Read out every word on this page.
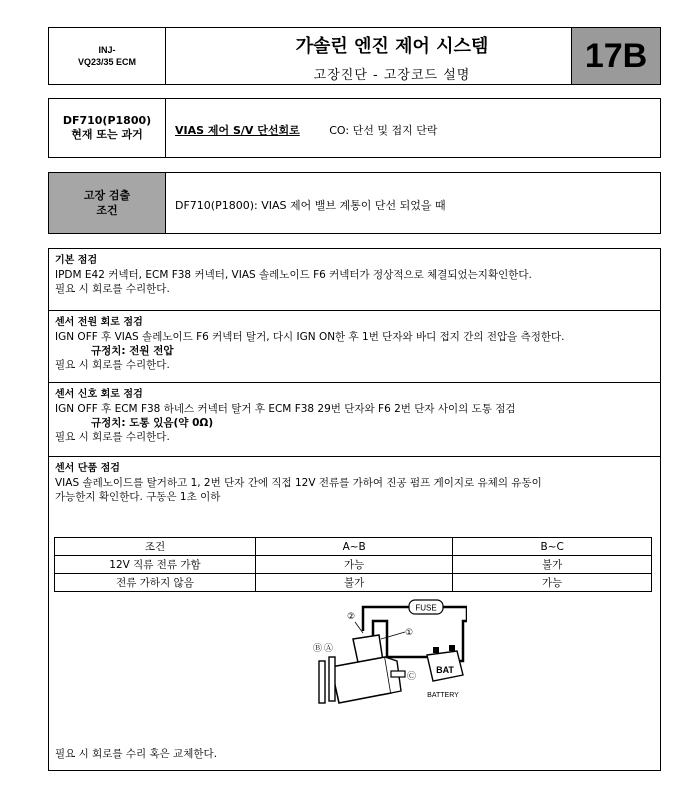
INJ-
VQ23/35 ECM
가솔린 엔진 제어 시스템
고장진단 - 고장코드 설명
17B
DF710(P1800)
현재 또는 과거	VIAS 제어 S/V 단선회로	CO: 단선 및 접지 단락
고장 검출
조건	DF710(P1800): VIAS 제어 밸브 계통이 단선 되었을 때
기본 점검
IPDM E42 커넥터, ECM F38 커넥터, VIAS 솔레노이드 F6 커넥터가 정상적으로 체결되었는지확인한다.
필요 시 회로를 수리한다.
센서 전원 회로 점검
IGN OFF 후 VIAS 솔레노이드 F6 커넥터 탈거, 다시 IGN ON한 후 1번 단자와 바디 접지 간의 전압을 측정한다.
규정치: 전원 전압
필요 시 회로를 수리한다.
센서 신호 회로 점검
IGN OFF 후 ECM F38 하네스 커넥터 탈거 후 ECM F38 29번 단자와 F6 2번 단자 사이의 도통 점검
규정치: 도통 있음(약 0Ω)
필요 시 회로를 수리한다.
센서 단품 점검
VIAS 솔레노이드를 탈거하고 1, 2번 단자 간에 직접 12V 전류를 가하여 진공 펌프 게이지로 유체의 유동이
가능한지 확인한다. 구동은 1초 이하
조건	A~B	B~C
12V 직류 전류 가함	가능	불가
전류 가하지 않음	불가	가능
FUSE
BAT
BATTERY
②
①
Ⓑ Ⓐ
Ⓒ
필요 시 회로를 수리 혹은 교체한다.
